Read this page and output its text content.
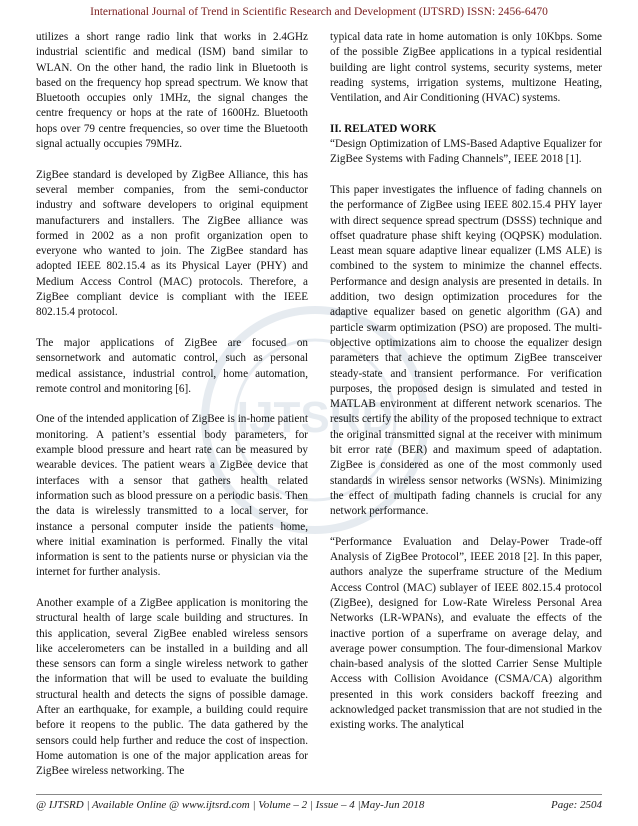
International Journal of Trend in Scientific Research and Development (IJTSRD) ISSN: 2456-6470
IJTSRD

utilizes a short range radio link that works in 2.4GHz industrial scientific and medical (ISM) band similar to WLAN. On the other hand, the radio link in Bluetooth is based on the frequency hop spread spectrum. We know that Bluetooth occupies only 1MHz, the signal changes the centre frequency or hops at the rate of 1600Hz. Bluetooth hops over 79 centre frequencies, so over time the Bluetooth signal actually occupies 79MHz.

ZigBee standard is developed by ZigBee Alliance, this has several member companies, from the semi-conductor industry and software developers to original equipment manufacturers and installers. The ZigBee alliance was formed in 2002 as a non profit organization open to everyone who wanted to join. The ZigBee standard has adopted IEEE 802.15.4 as its Physical Layer (PHY) and Medium Access Control (MAC) protocols. Therefore, a ZigBee compliant device is compliant with the IEEE 802.15.4 protocol.

The major applications of ZigBee are focused on sensornetwork and automatic control, such as personal medical assistance, industrial control, home automation, remote control and monitoring [6].

One of the intended application of ZigBee is in-home patient monitoring. A patient’s essential body parameters, for example blood pressure and heart rate can be measured by wearable devices. The patient wears a ZigBee device that interfaces with a sensor that gathers health related information such as blood pressure on a periodic basis. Then the data is wirelessly transmitted to a local server, for instance a personal computer inside the patients home, where initial examination is performed. Finally the vital information is sent to the patients nurse or physician via the internet for further analysis.

Another example of a ZigBee application is monitoring the structural health of large scale building and structures. In this application, several ZigBee enabled wireless sensors like accelerometers can be installed in a building and all these sensors can form a single wireless network to gather the information that will be used to evaluate the building structural health and detects the signs of possible damage. After an earthquake, for example, a building could require before it reopens to the public. The data gathered by the sensors could help further and reduce the cost of inspection. Home automation is one of the major application areas for ZigBee wireless networking. The

typical data rate in home automation is only 10Kbps. Some of the possible ZigBee applications in a typical residential building are light control systems, security systems, meter reading systems, irrigation systems, multizone Heating, Ventilation, and Air Conditioning (HVAC) systems.

II. RELATED WORK

“Design Optimization of LMS-Based Adaptive Equalizer for ZigBee Systems with Fading Channels”, IEEE 2018 [1].

This paper investigates the influence of fading channels on the performance of ZigBee using IEEE 802.15.4 PHY layer with direct sequence spread spectrum (DSSS) technique and offset quadrature phase shift keying (OQPSK) modulation. Least mean square adaptive linear equalizer (LMS ALE) is combined to the system to minimize the channel effects. Performance and design analysis are presented in details. In addition, two design optimization procedures for the adaptive equalizer based on genetic algorithm (GA) and particle swarm optimization (PSO) are proposed. The multi-objective optimizations aim to choose the equalizer design parameters that achieve the optimum ZigBee transceiver steady-state and transient performance. For verification purposes, the proposed design is simulated and tested in MATLAB environment at different network scenarios. The results certify the ability of the proposed technique to extract the original transmitted signal at the receiver with minimum bit error rate (BER) and maximum speed of adaptation. ZigBee is considered as one of the most commonly used standards in wireless sensor networks (WSNs). Minimizing the effect of multipath fading channels is crucial for any network performance.

“Performance Evaluation and Delay-Power Trade-off Analysis of ZigBee Protocol”, IEEE 2018 [2]. In this paper, authors analyze the superframe structure of the Medium Access Control (MAC) sublayer of IEEE 802.15.4 protocol (ZigBee), designed for Low-Rate Wireless Personal Area Networks (LR-WPANs), and evaluate the effects of the inactive portion of a superframe on average delay, and average power consumption. The four-dimensional Markov chain-based analysis of the slotted Carrier Sense Multiple Access with Collision Avoidance (CSMA/CA) algorithm presented in this work considers backoff freezing and acknowledged packet transmission that are not studied in the existing works. The analytical

@ IJTSRD | Available Online @ www.ijtsrd.com | Volume – 2 | Issue – 4 |May-Jun 2018	Page: 2504
